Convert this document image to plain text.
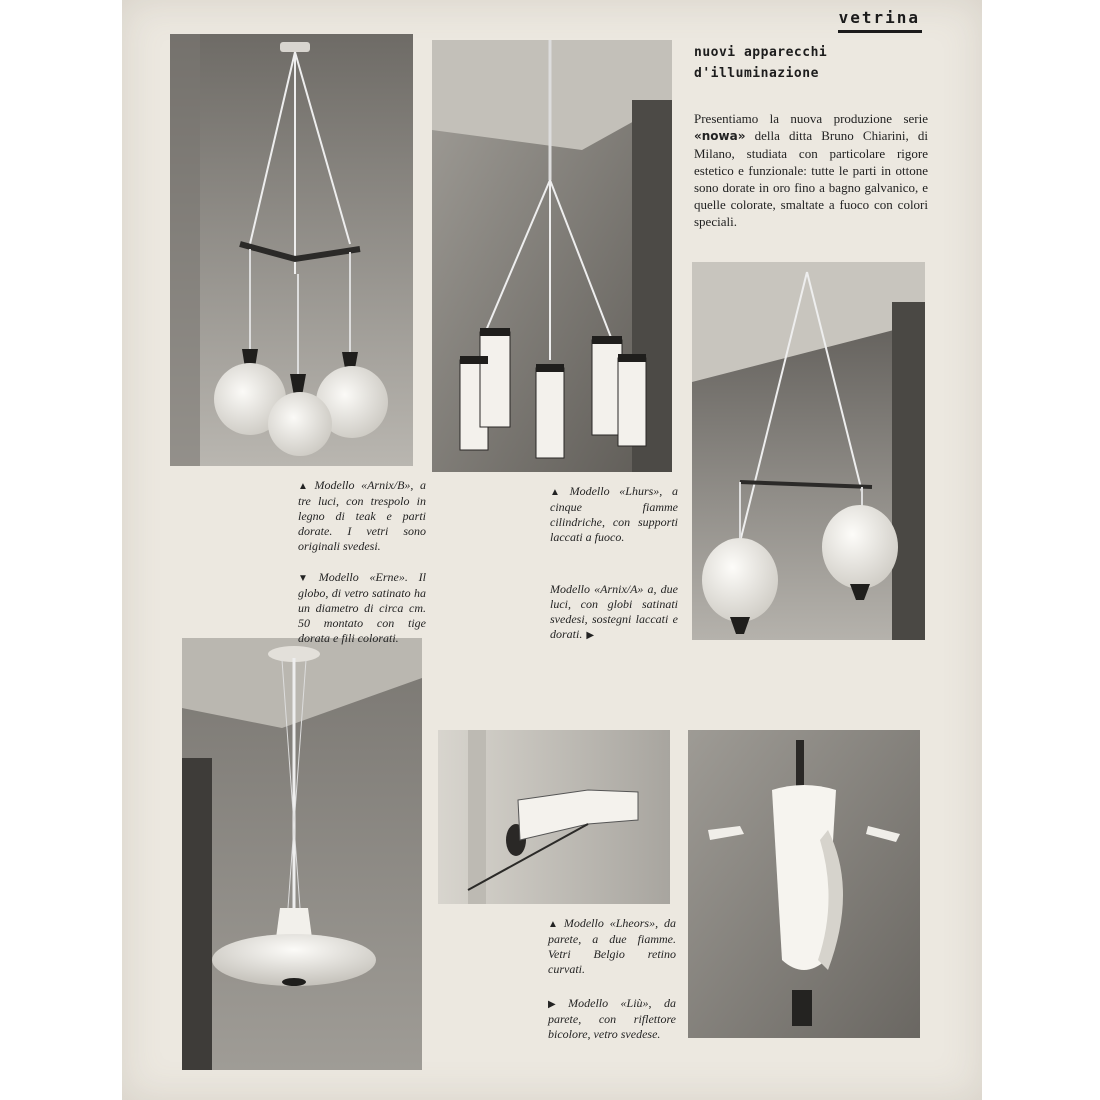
vetrina
nuovi apparecchi
d'illuminazione
Presentiamo la nuova produzione serie «nowa» della ditta Bruno Chiarini, di Milano, studiata con particolare rigore estetico e funzionale: tutte le parti in ottone sono dorate in oro fino a bagno galvanico, e quelle colorate, smaltate a fuoco con colori speciali.
▲ Modello «Arnix/B», a tre luci, con trespolo in legno di teak e parti dorate. I vetri sono originali svedesi.
▲ Modello «Lhurs», a cinque fiamme cilindriche, con supporti laccati a fuoco.
▼ Modello «Erne». Il globo, di vetro satinato ha un diametro di circa cm. 50 montato con tige dorata e fili colorati.
Modello «Arnix/A» a, due luci, con globi satinati svedesi, sostegni laccati e dorati. ▶
▲ Modello «Lheors», da parete, a due fiamme. Vetri Belgio retino curvati.
▶ Modello «Liù», da parete, con riflettore bicolore, vetro svedese.
